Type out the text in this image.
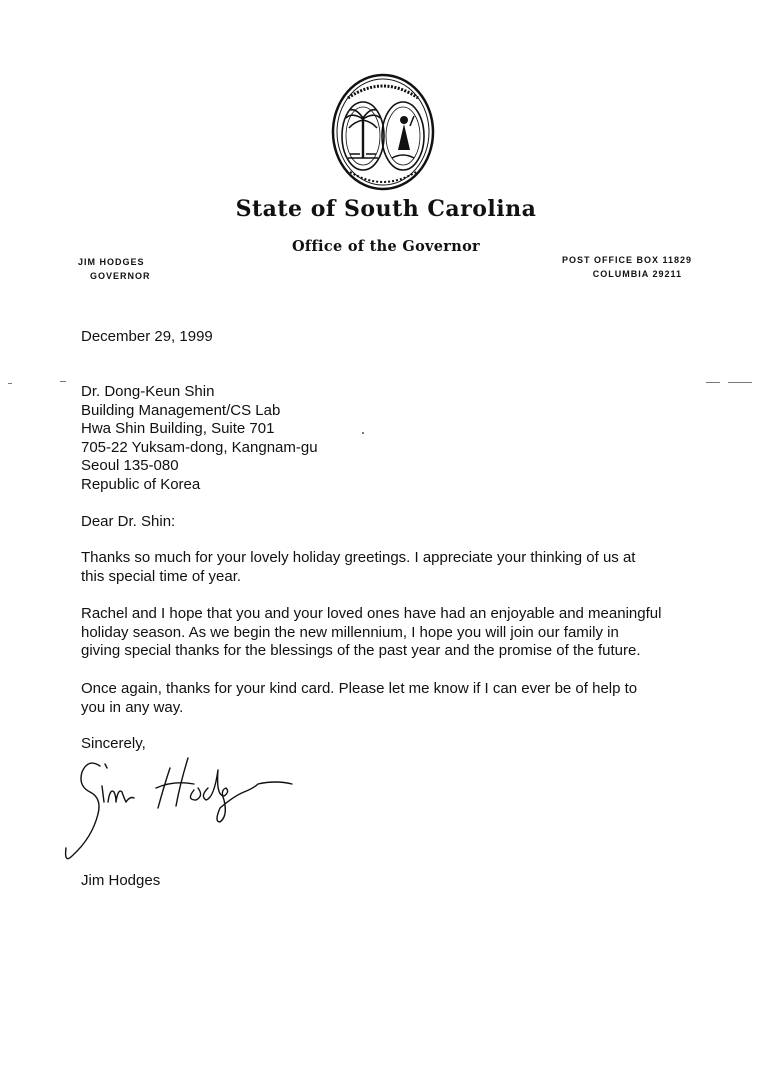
State of South Carolina
Office of the Governor
JIM HODGES
GOVERNOR
POST OFFICE BOX 11829
COLUMBIA 29211
December 29, 1999
Dr. Dong-Keun Shin
Building Management/CS Lab
Hwa Shin Building, Suite 701
705-22 Yuksam-dong, Kangnam-gu
Seoul 135-080
Republic of Korea
Dear Dr. Shin:
Thanks so much for your lovely holiday greetings. I appreciate your thinking of us at
this special time of year.
Rachel and I hope that you and your loved ones have had an enjoyable and meaningful
holiday season. As we begin the new millennium, I hope you will join our family in
giving special thanks for the blessings of the past year and the promise of the future.
Once again, thanks for your kind card. Please let me know if I can ever be of help to
you in any way.
Sincerely,
Jim Hodges
